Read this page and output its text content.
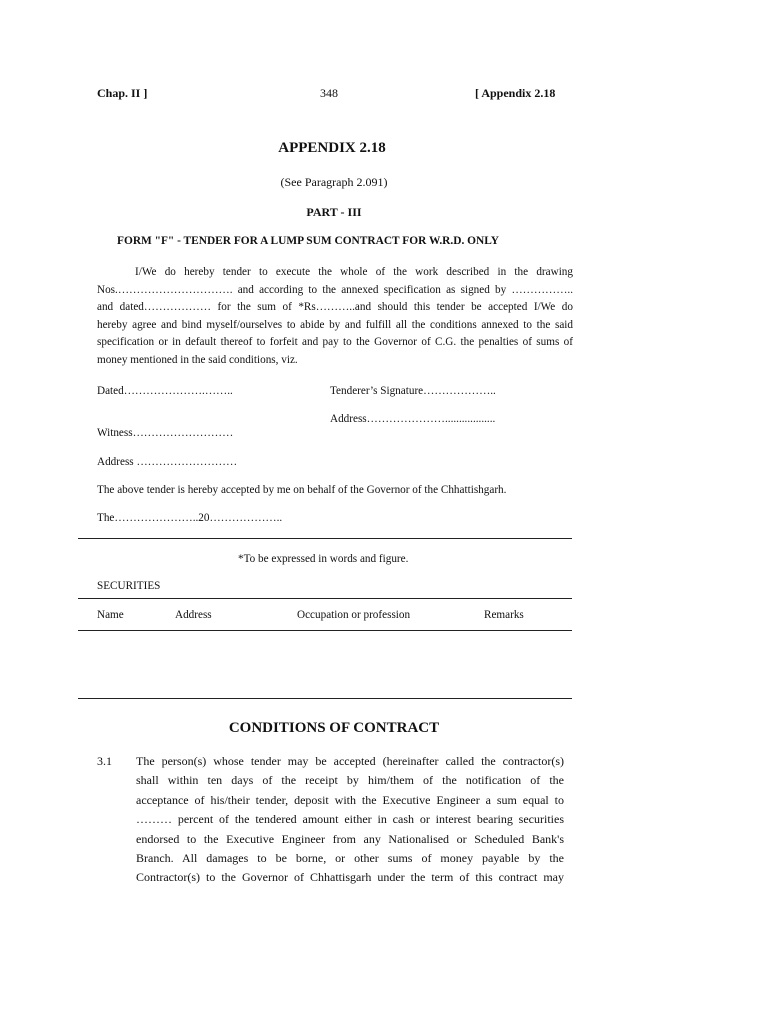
Chap. II ]	348	[ Appendix 2.18
APPENDIX 2.18
(See Paragraph 2.091)
PART - III
FORM "F" - TENDER FOR A LUMP SUM CONTRACT FOR W.R.D. ONLY
I/We do hereby tender to execute the whole of the work described in the drawing
Nos.…………………………. and according to the annexed specification as signed by ……………..
and dated……………… for the sum of *Rs………..and should this tender be accepted I/We do
hereby agree and bind myself/ourselves to abide by and fulfill all the conditions annexed to the said
specification or in default thereof to forfeit and pay to the Governor of C.G. the penalties of sums of
money mentioned in the said conditions, viz.
Dated………………….……..	Tenderer’s Signature………………..
Address…………………..................
Witness………………………
Address ………………………
The above tender is hereby accepted by me on behalf of the Governor of the Chhattishgarh.
The…………………..20………………..
*To be expressed in words and figure.
SECURITIES
Name	Address	Occupation or profession	Remarks
CONDITIONS OF CONTRACT
3.1 The person(s) whose tender may be accepted (hereinafter called the contractor(s)
shall within ten days of the receipt by him/them of the notification of the
acceptance of his/their tender, deposit with the Executive Engineer a sum equal to
……… percent of the tendered amount either in cash or interest bearing securities
endorsed to the Executive Engineer from any Nationalised or Scheduled Bank's
Branch. All damages to be borne, or other sums of money payable by the
Contractor(s) to the Governor of Chhattisgarh under the term of this contract may
